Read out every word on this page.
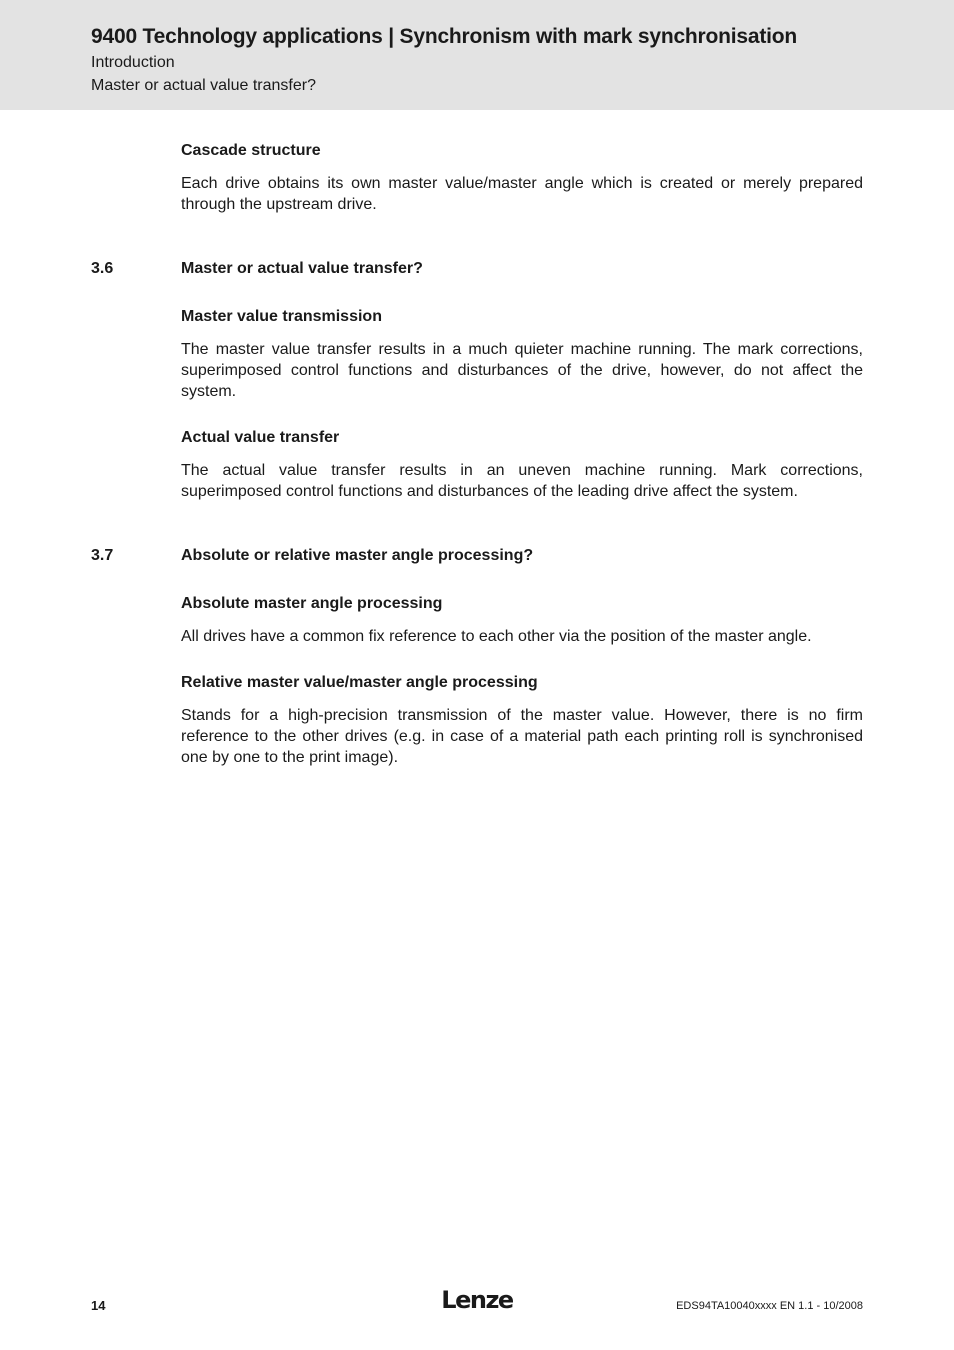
9400 Technology applications | Synchronism with mark synchronisation
Introduction
Master or actual value transfer?
Cascade structure
Each drive obtains its own master value/master angle which is created or merely prepared through the upstream drive.
3.6	Master or actual value transfer?
Master value transmission
The master value transfer results in a much quieter machine running. The mark corrections, superimposed control functions and disturbances of the drive, however, do not affect the system.
Actual value transfer
The actual value transfer results in an uneven machine running. Mark corrections, superimposed control functions and disturbances of the leading drive affect the system.
3.7	Absolute or relative master angle processing?
Absolute master angle processing
All drives have a common fix reference to each other via the position of the master angle.
Relative master value/master angle processing
Stands for a high-precision transmission of the master value. However, there is no firm reference to the other drives (e.g. in case of a material path each printing roll is synchronised one by one to the print image).
14	Lenze	EDS94TA10040xxxx EN 1.1 - 10/2008
